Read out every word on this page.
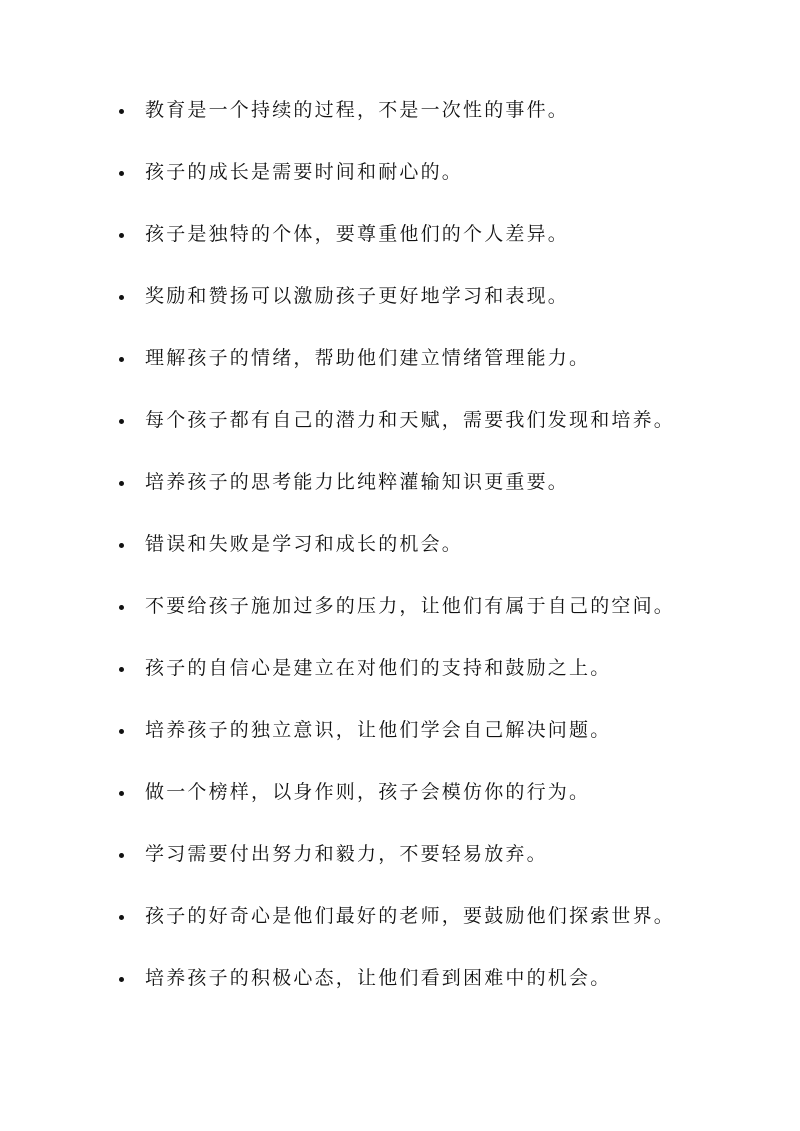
教育是一个持续的过程，不是一次性的事件。
孩子的成长是需要时间和耐心的。
孩子是独特的个体，要尊重他们的个人差异。
奖励和赞扬可以激励孩子更好地学习和表现。
理解孩子的情绪，帮助他们建立情绪管理能力。
每个孩子都有自己的潜力和天赋，需要我们发现和培养。
培养孩子的思考能力比纯粹灌输知识更重要。
错误和失败是学习和成长的机会。
不要给孩子施加过多的压力，让他们有属于自己的空间。
孩子的自信心是建立在对他们的支持和鼓励之上。
培养孩子的独立意识，让他们学会自己解决问题。
做一个榜样，以身作则，孩子会模仿你的行为。
学习需要付出努力和毅力，不要轻易放弃。
孩子的好奇心是他们最好的老师，要鼓励他们探索世界。
培养孩子的积极心态，让他们看到困难中的机会。
